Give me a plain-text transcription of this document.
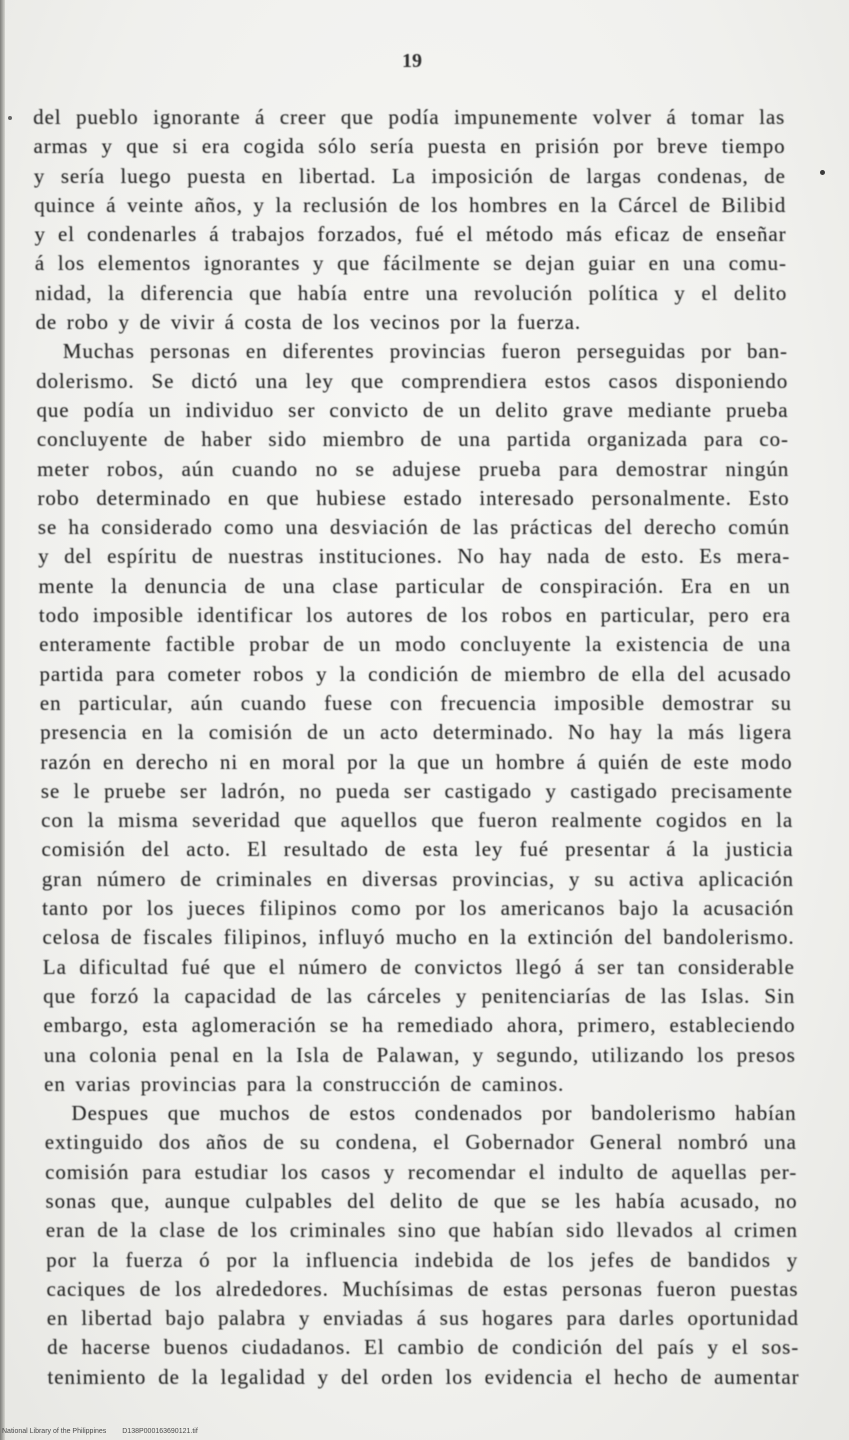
19
del pueblo ignorante á creer que podía impunemente volver á tomar las
armas y que si era cogida sólo sería puesta en prisión por breve tiempo
y sería luego puesta en libertad. La imposición de largas condenas, de
quince á veinte años, y la reclusión de los hombres en la Cárcel de Bilibid
y el condenarles á trabajos forzados, fué el método más eficaz de enseñar
á los elementos ignorantes y que fácilmente se dejan guiar en una comu-
nidad, la diferencia que había entre una revolución política y el delito
de robo y de vivir á costa de los vecinos por la fuerza.
Muchas personas en diferentes provincias fueron perseguidas por ban-
dolerismo. Se dictó una ley que comprendiera estos casos disponiendo
que podía un individuo ser convicto de un delito grave mediante prueba
concluyente de haber sido miembro de una partida organizada para co-
meter robos, aún cuando no se adujese prueba para demostrar ningún
robo determinado en que hubiese estado interesado personalmente. Esto
se ha considerado como una desviación de las prácticas del derecho común
y del espíritu de nuestras instituciones. No hay nada de esto. Es mera-
mente la denuncia de una clase particular de conspiración. Era en un
todo imposible identificar los autores de los robos en particular, pero era
enteramente factible probar de un modo concluyente la existencia de una
partida para cometer robos y la condición de miembro de ella del acusado
en particular, aún cuando fuese con frecuencia imposible demostrar su
presencia en la comisión de un acto determinado. No hay la más ligera
razón en derecho ni en moral por la que un hombre á quién de este modo
se le pruebe ser ladrón, no pueda ser castigado y castigado precisamente
con la misma severidad que aquellos que fueron realmente cogidos en la
comisión del acto. El resultado de esta ley fué presentar á la justicia
gran número de criminales en diversas provincias, y su activa aplicación
tanto por los jueces filipinos como por los americanos bajo la acusación
celosa de fiscales filipinos, influyó mucho en la extinción del bandolerismo.
La dificultad fué que el número de convictos llegó á ser tan considerable
que forzó la capacidad de las cárceles y penitenciarías de las Islas. Sin
embargo, esta aglomeración se ha remediado ahora, primero, estableciendo
una colonia penal en la Isla de Palawan, y segundo, utilizando los presos
en varias provincias para la construcción de caminos.
Despues que muchos de estos condenados por bandolerismo habían
extinguido dos años de su condena, el Gobernador General nombró una
comisión para estudiar los casos y recomendar el indulto de aquellas per-
sonas que, aunque culpables del delito de que se les había acusado, no
eran de la clase de los criminales sino que habían sido llevados al crimen
por la fuerza ó por la influencia indebida de los jefes de bandidos y
caciques de los alrededores. Muchísimas de estas personas fueron puestas
en libertad bajo palabra y enviadas á sus hogares para darles oportunidad
de hacerse buenos ciudadanos. El cambio de condición del país y el sos-
tenimiento de la legalidad y del orden los evidencia el hecho de aumentar
National Library of the Philippines D138P000163690121.tif
